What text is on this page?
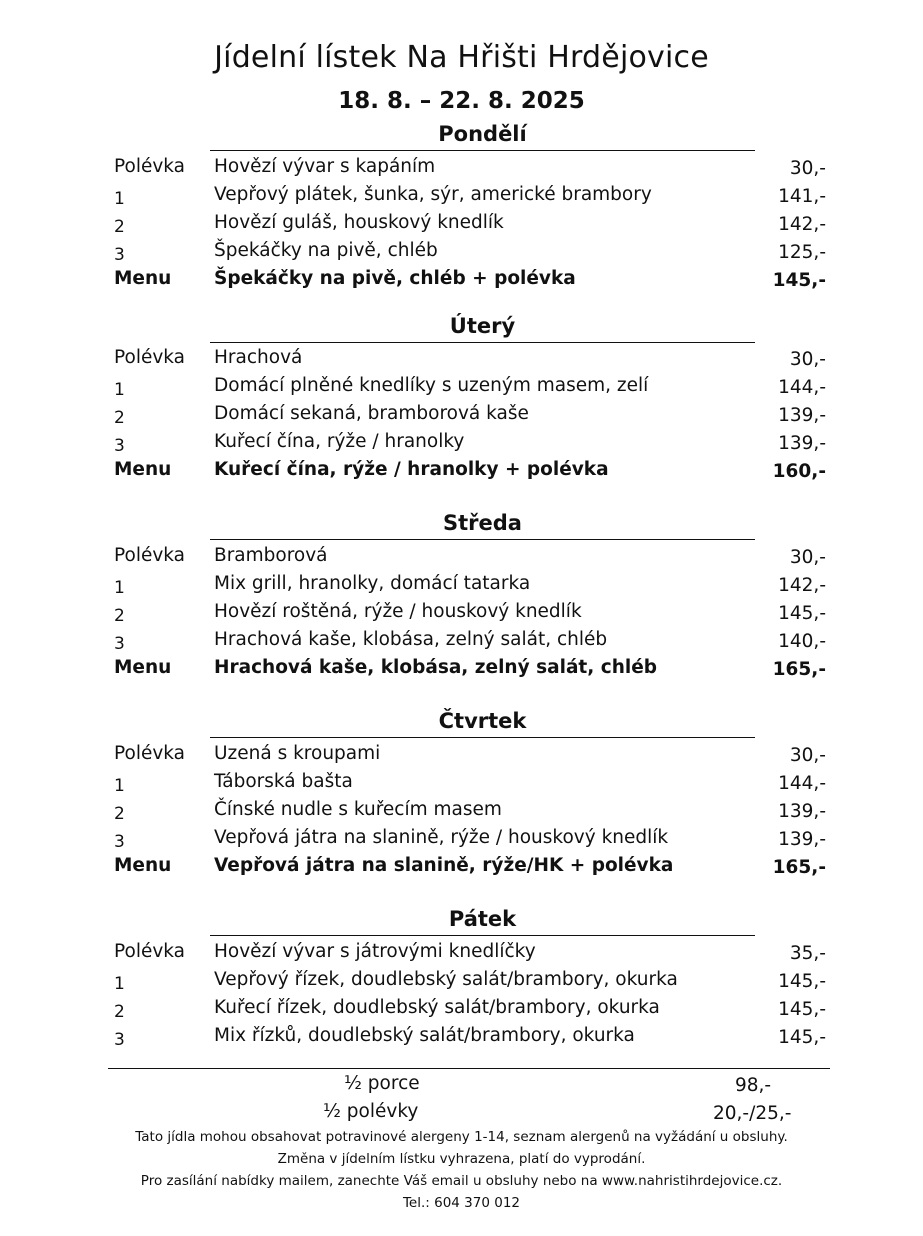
Jídelní lístek Na Hřišti Hrdějovice
18. 8. – 22. 8. 2025
Pondělí
Polévka Hovězí vývar s kapáním	30,-
1	Vepřový plátek, šunka, sýr, americké brambory	141,-
2	Hovězí guláš, houskový knedlík	142,-
3	Špekáčky na pivě, chléb	125,-
Menu Špekáčky na pivě, chléb + polévka	145,-
Úterý
Polévka Hrachová	30,-
1	Domácí plněné knedlíky s uzeným masem, zelí	144,-
2	Domácí sekaná, bramborová kaše	139,-
3	Kuřecí čína, rýže / hranolky	139,-
Menu Kuřecí čína, rýže / hranolky + polévka	160,-
Středa
Polévka Bramborová	30,-
1	Mix grill, hranolky, domácí tatarka	142,-
2	Hovězí roštěná, rýže / houskový knedlík	145,-
3	Hrachová kaše, klobása, zelný salát, chléb	140,-
Menu Hrachová kaše, klobása, zelný salát, chléb	165,-
Čtvrtek
Polévka Uzená s kroupami	30,-
1	Táborská bašta	144,-
2	Čínské nudle s kuřecím masem	139,-
3	Vepřová játra na slanině, rýže / houskový knedlík	139,-
Menu Vepřová játra na slanině, rýže/HK + polévka	165,-
Pátek
Polévka Hovězí vývar s játrovými knedlíčky	35,-
1	Vepřový řízek, doudlebský salát/brambory, okurka	145,-
2	Kuřecí řízek, doudlebský salát/brambory, okurka	145,-
3	Mix řízků, doudlebský salát/brambory, okurka	145,-
½ porce	98,-
½ polévky	20,-/25,-
Tato jídla mohou obsahovat potravinové alergeny 1-14, seznam alergenů na vyžádání u obsluhy.
Změna v jídelním lístku vyhrazena, platí do vyprodání.
Pro zasílání nabídky mailem, zanechte Váš email u obsluhy nebo na www.nahristihrdejovice.cz.
Tel.: 604 370 012
